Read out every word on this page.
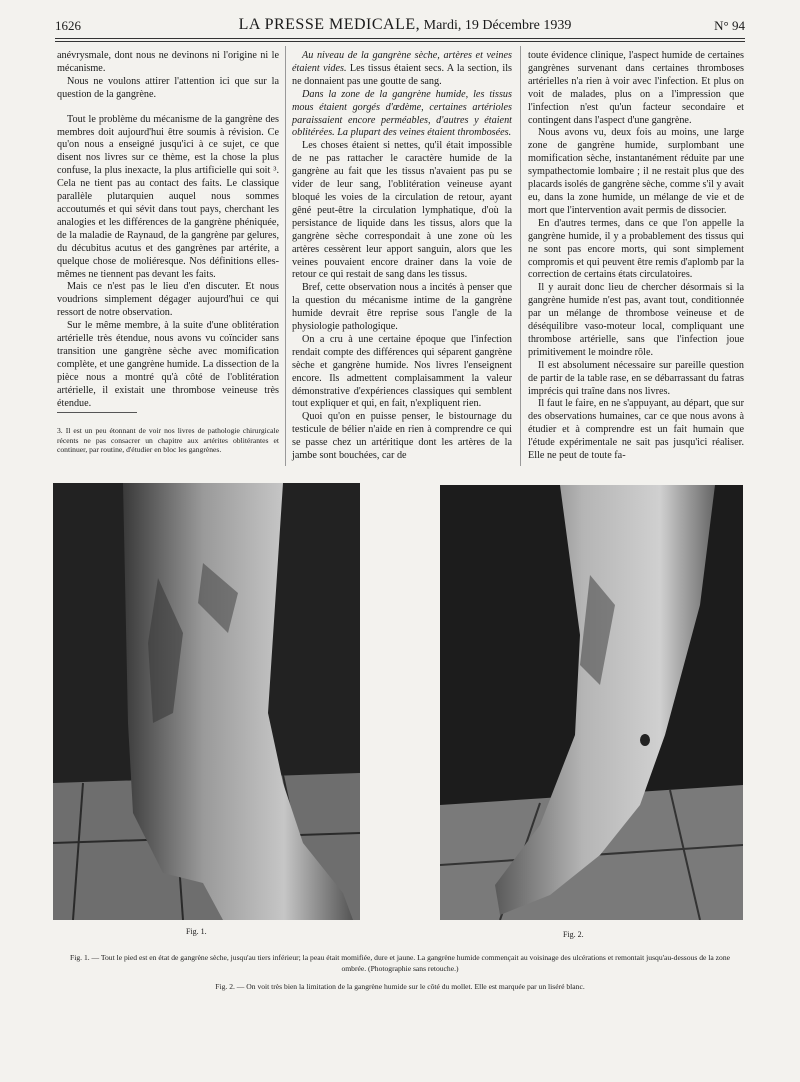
1626	LA PRESSE MEDICALE, Mardi, 19 Décembre 1939	N° 94

anévrysmale, dont nous ne devinons ni l'origine ni le mécanisme.

Nous ne voulons attirer l'attention ici que sur la question de la gangrène.

Tout le problème du mécanisme de la gangrène des membres doit aujourd'hui être soumis à révision. Ce qu'on nous a enseigné jusqu'ici à ce sujet, ce que disent nos livres sur ce thème, est la chose la plus confuse, la plus inexacte, la plus artificielle qui soit ³. Cela ne tient pas au contact des faits. Le classique parallèle plutarquien auquel nous sommes accoutumés et qui sévit dans tout pays, cherchant les analogies et les différences de la gangrène phéniquée, de la maladie de Raynaud, de la gangrène par gelures, du décubitus acutus et des gangrènes par artérite, a quelque chose de moliéresque. Nos définitions elles-mêmes ne tiennent pas devant les faits.

Mais ce n'est pas le lieu d'en discuter. Et nous voudrions simplement dégager aujourd'hui ce qui ressort de notre observation.

Sur le même membre, à la suite d'une oblitération artérielle très étendue, nous avons vu coïncider sans transition une gangrène sèche avec momification complète, et une gangrène humide. La dissection de la pièce nous a montré qu'à côté de l'oblitération artérielle, il existait une thrombose veineuse très étendue.

3. Il est un peu étonnant de voir nos livres de pathologie chirurgicale récents ne pas consacrer un chapitre aux artérites oblitérantes et continuer, par routine, d'étudier en bloc les gangrènes.

Au niveau de la gangrène sèche, artères et veines étaient vides. Les tissus étaient secs. A la section, ils ne donnaient pas une goutte de sang.

Dans la zone de la gangrène humide, les tissus mous étaient gorgés d'œdème, certaines artérioles paraissaient encore perméables, d'autres y étaient oblitérées. La plupart des veines étaient thrombosées.

Les choses étaient si nettes, qu'il était impossible de ne pas rattacher le caractère humide de la gangrène au fait que les tissus n'avaient pas pu se vider de leur sang, l'oblitération veineuse ayant bloqué les voies de la circulation de retour, ayant gêné peut-être la circulation lymphatique, d'où la persistance de liquide dans les tissus, alors que la gangrène sèche correspondait à une zone où les artères cessèrent leur apport sanguin, alors que les veines pouvaient encore drainer dans la voie de retour ce qui restait de sang dans les tissus.

Bref, cette observation nous a incités à penser que la question du mécanisme intime de la gangrène humide devrait être reprise sous l'angle de la physiologie pathologique.

On a cru à une certaine époque que l'infection rendait compte des différences qui séparent gangrène sèche et gangrène humide. Nos livres l'enseignent encore. Ils admettent complaisamment la valeur démonstrative d'expériences classiques qui semblent tout expliquer et qui, en fait, n'expliquent rien.

Quoi qu'on en puisse penser, le bistournage du testicule de bélier n'aide en rien à comprendre ce qui se passe chez un artéritique dont les artères de la jambe sont bouchées, car de

toute évidence clinique, l'aspect humide de certaines gangrènes survenant dans certaines thromboses artérielles n'a rien à voir avec l'infection. Et plus on voit de malades, plus on a l'impression que l'infection n'est qu'un facteur secondaire et contingent dans l'aspect d'une gangrène.

Nous avons vu, deux fois au moins, une large zone de gangrène humide, surplombant une momification sèche, instantanément réduite par une sympathectomie lombaire ; il ne restait plus que des placards isolés de gangrène sèche, comme s'il y avait eu, dans la zone humide, un mélange de vie et de mort que l'intervention avait permis de dissocier.

En d'autres termes, dans ce que l'on appelle la gangrène humide, il y a probablement des tissus qui ne sont pas encore morts, qui sont simplement compromis et qui peuvent être remis d'aplomb par la correction de certains états circulatoires.

Il y aurait donc lieu de chercher désormais si la gangrène humide n'est pas, avant tout, conditionnée par un mélange de thrombose veineuse et de déséquilibre vaso-moteur local, compliquant une thrombose artérielle, sans que l'infection joue primitivement le moindre rôle.

Il est absolument nécessaire sur pareille question de partir de la table rase, en se débarrassant du fatras imprécis qui traîne dans nos livres.

Il faut le faire, en ne s'appuyant, au départ, que sur des observations humaines, car ce que nous avons à étudier et à comprendre est un fait humain que l'étude expérimentale ne sait pas jusqu'ici réaliser. Elle ne peut de toute fa-

Fig. 1.	Fig. 2.
Fig. 1. — Tout le pied est en état de gangrène sèche, jusqu'au tiers inférieur; la peau était momifiée, dure et jaune. La gangrène humide commençait au voisinage des ulcérations et remontait jusqu'au-dessous de la zone ombrée. (Photographie sans retouche.)
Fig. 2. — On voit très bien la limitation de la gangrène humide sur le côté du mollet. Elle est marquée par un liséré blanc.
